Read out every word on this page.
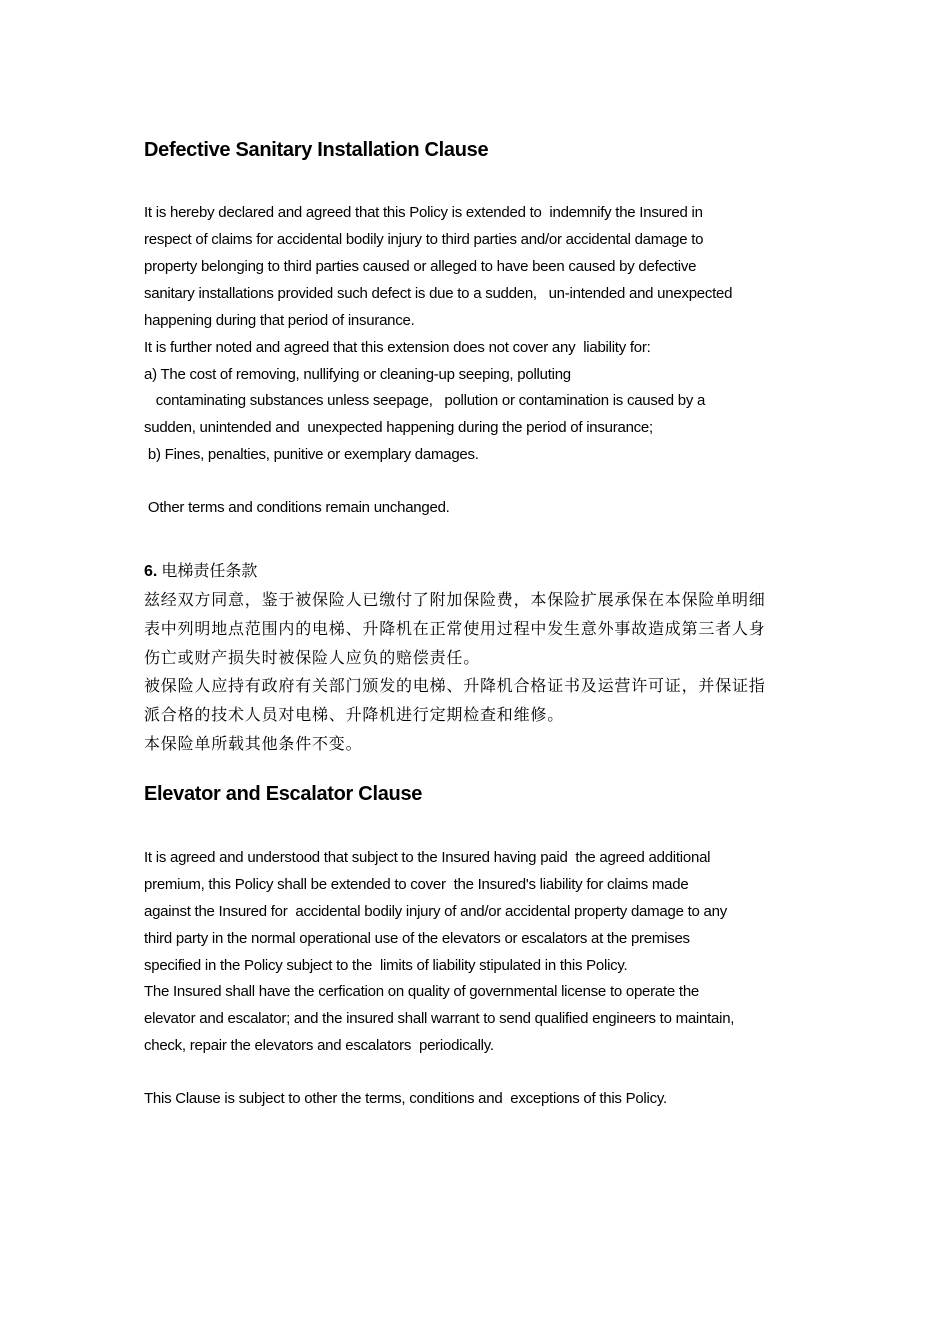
Defective Sanitary Installation Clause
It is hereby declared and agreed that this Policy is extended to  indemnify the Insured in
respect of claims for accidental bodily injury to third parties and/or accidental damage to
property belonging to third parties caused or alleged to have been caused by defective
sanitary installations provided such defect is due to a sudden,   un-intended and unexpected
happening during that period of insurance.
It is further noted and agreed that this extension does not cover any  liability for:
a) The cost of removing, nullifying or cleaning-up seeping, polluting
contaminating substances unless seepage,   pollution or contamination is caused by a
sudden, unintended and  unexpected happening during the period of insurance;
b) Fines, penalties, punitive or exemplary damages.
Other terms and conditions remain unchanged.
6. 电梯责任条款
兹经双方同意，鉴于被保险人已缴付了附加保险费，本保险扩展承保在本保险单明细
表中列明地点范围内的电梯、升降机在正常使用过程中发生意外事故造成第三者人身
伤亡或财产损失时被保险人应负的赔偿责任。
被保险人应持有政府有关部门颁发的电梯、升降机合格证书及运营许可证，并保证指
派合格的技术人员对电梯、升降机进行定期检查和维修。
本保险单所载其他条件不变。
Elevator and Escalator Clause
It is agreed and understood that subject to the Insured having paid  the agreed additional
premium, this Policy shall be extended to cover  the Insured's liability for claims made
against the Insured for  accidental bodily injury of and/or accidental property damage to any
third party in the normal operational use of the elevators or escalators at the premises
specified in the Policy subject to the  limits of liability stipulated in this Policy.
The Insured shall have the cerfication on quality of governmental license to operate the
elevator and escalator; and the insured shall warrant to send qualified engineers to maintain,
check, repair the elevators and escalators  periodically.
This Clause is subject to other the terms, conditions and  exceptions of this Policy.
